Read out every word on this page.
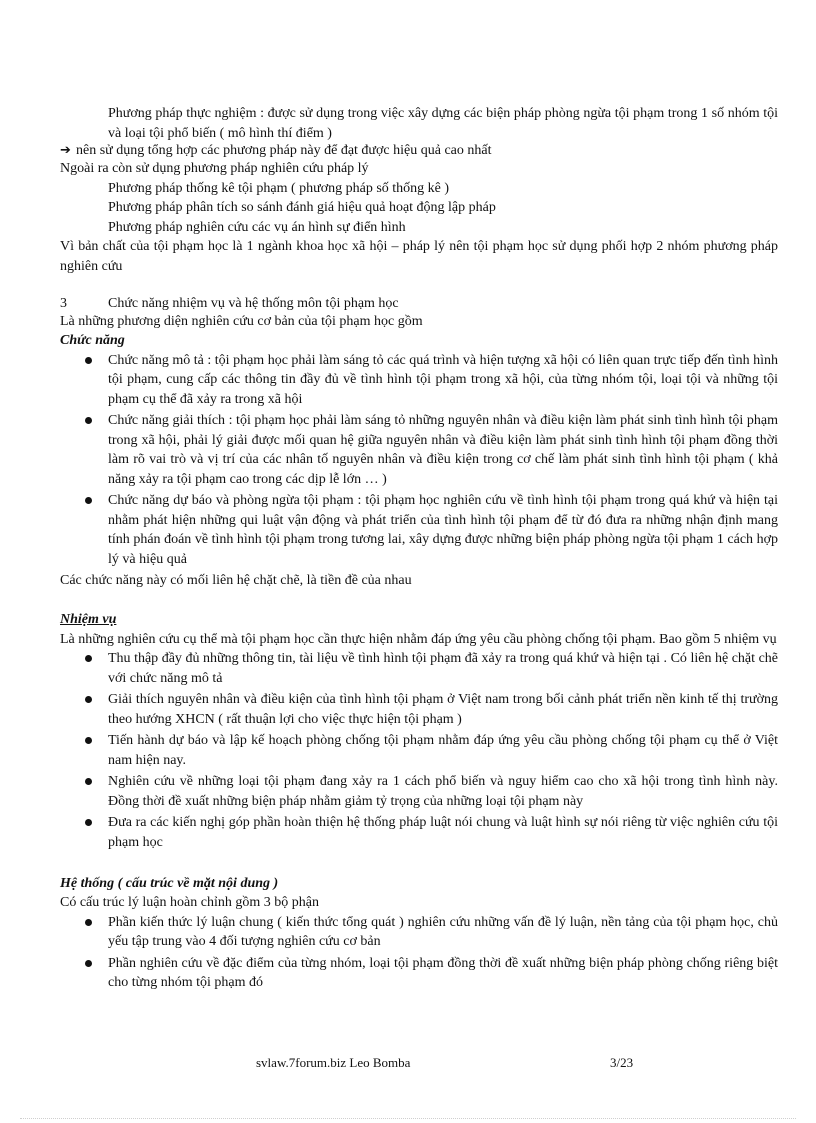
Phương pháp thực nghiệm : được sử dụng trong việc xây dựng các biện pháp phòng ngừa tội phạm trong 1 số nhóm tội và loại tội phổ biến ( mô hình thí điểm )

➔ nên sử dụng tổng hợp các phương pháp này để đạt được hiệu quả cao nhất

Ngoài ra còn sử dụng phương pháp nghiên cứu pháp lý

Phương pháp thống kê tội phạm ( phương pháp số thống kê )

Phương pháp phân tích so sánh đánh giá hiệu quả hoạt động lập pháp

Phương pháp nghiên cứu các vụ án hình sự điển hình

Vì bản chất của tội phạm học là 1 ngành khoa học xã hội – pháp lý nên tội phạm học sử dụng phối hợp 2 nhóm phương pháp nghiên cứu

3	Chức năng nhiệm vụ và hệ thống môn tội phạm học

Là những phương diện nghiên cứu cơ bản của tội phạm học gồm

Chức năng

Chức năng mô tả : tội phạm học phải làm sáng tỏ các quá trình và hiện tượng xã hội có liên quan trực tiếp đến tình hình tội phạm, cung cấp các thông tin đầy đủ về tình hình tội phạm trong xã hội, của từng nhóm tội, loại tội và những tội phạm cụ thể đã xảy ra trong xã hội
Chức năng giải thích : tội phạm học phải làm sáng tỏ những nguyên nhân và điều kiện làm phát sinh tình hình tội phạm trong xã hội, phải lý giải được mối quan hệ giữa nguyên nhân và điều kiện làm phát sinh tình hình tội phạm đồng thời làm rõ vai trò và vị trí của các nhân tố nguyên nhân và điều kiện trong cơ chế làm phát sinh tình hình tội phạm ( khả năng xảy ra tội phạm cao trong các dịp lễ lớn … )
Chức năng dự báo và phòng ngừa tội phạm : tội phạm học nghiên cứu về tình hình tội phạm trong quá khứ và hiện tại nhằm phát hiện những qui luật vận động và phát triển của tình hình tội phạm để từ đó đưa ra những nhận định mang tính phán đoán về tình hình tội phạm trong tương lai, xây dựng được những biện pháp phòng ngừa tội phạm 1 cách hợp lý và hiệu quả

Các chức năng này có mối liên hệ chặt chẽ, là tiền đề của nhau

Nhiệm vụ

Là những nghiên cứu cụ thể mà tội phạm học cần thực hiện nhằm đáp ứng yêu cầu phòng chống tội phạm. Bao gồm 5 nhiệm vụ

Thu thập đầy đủ những thông tin, tài liệu về tình hình tội phạm đã xảy ra trong quá khứ và hiện tại . Có liên hệ chặt chẽ với chức năng mô tả
Giải thích nguyên nhân và điều kiện của tình hình tội phạm ở Việt nam trong bối cảnh phát triển nền kinh tế thị trường theo hướng XHCN ( rất thuận lợi cho việc thực hiện tội phạm )
Tiến hành dự báo và lập kế hoạch phòng chống tội phạm nhằm đáp ứng yêu cầu phòng chống tội phạm cụ thể ở Việt nam hiện nay.
Nghiên cứu về những loại tội phạm đang xảy ra 1 cách phổ biến và nguy hiểm cao cho xã hội trong tình hình này. Đồng thời đề xuất những biện pháp nhằm giảm tỷ trọng của những loại tội phạm này
Đưa ra các kiến nghị góp phần hoàn thiện hệ thống pháp luật nói chung và luật hình sự nói riêng từ việc nghiên cứu tội phạm học

Hệ thống ( cấu trúc về mặt nội dung )

Có cấu trúc lý luận hoàn chỉnh gồm 3 bộ phận

Phần kiến thức lý luận chung ( kiến thức tổng quát ) nghiên cứu những vấn đề lý luận, nền tảng của tội phạm học, chủ yếu tập trung vào 4 đối tượng nghiên cứu cơ bản
Phần nghiên cứu về đặc điểm của từng nhóm, loại tội phạm đồng thời đề xuất những biện pháp phòng chống riêng biệt cho từng nhóm tội phạm đó
svlaw.7forum.biz Leo Bomba	3/23
